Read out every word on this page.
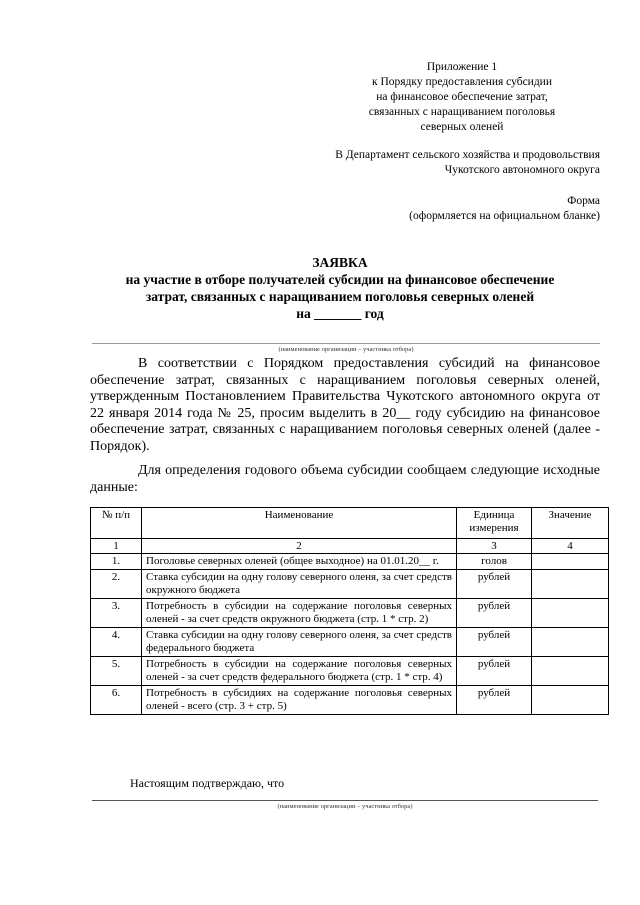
Приложение 1
к Порядку предоставления субсидии
на финансовое обеспечение затрат,
связанных с наращиванием поголовья
северных оленей
В Департамент сельского хозяйства и продовольствия
Чукотского автономного округа
Форма
(оформляется на официальном бланке)
ЗАЯВКА
на участие в отборе получателей субсидии на финансовое обеспечение
затрат, связанных с наращиванием поголовья северных оленей
на _______ год
(наименование организации – участника отбора)
В соответствии с Порядком предоставления субсидий на финансовое обеспечение затрат, связанных с наращиванием поголовья северных оленей, утвержденным Постановлением Правительства Чукотского автономного округа от 22 января 2014 года № 25, просим выделить в 20__ году субсидию на финансовое обеспечение затрат, связанных с наращиванием поголовья северных оленей (далее - Порядок).
Для определения годового объема субсидии сообщаем следующие исходные данные:
№ п/п	Наименование	Единица измерения	Значение
1	2	3	4
1.	Поголовье северных оленей (общее выходное) на 01.01.20__ г.	голов	
2.	Ставка субсидии на одну голову северного оленя, за счет средств окружного бюджета	рублей	
3.	Потребность в субсидии на содержание поголовья северных оленей - за счет средств окружного бюджета (стр. 1 * стр. 2)	рублей	
4.	Ставка субсидии на одну голову северного оленя, за счет средств федерального бюджета	рублей	
5.	Потребность в субсидии на содержание поголовья северных оленей - за счет средств федерального бюджета (стр. 1 * стр. 4)	рублей	
6.	Потребность в субсидиях на содержание поголовья северных оленей - всего (стр. 3 + стр. 5)	рублей	
Настоящим подтверждаю, что
(наименование организации – участника отбора)
